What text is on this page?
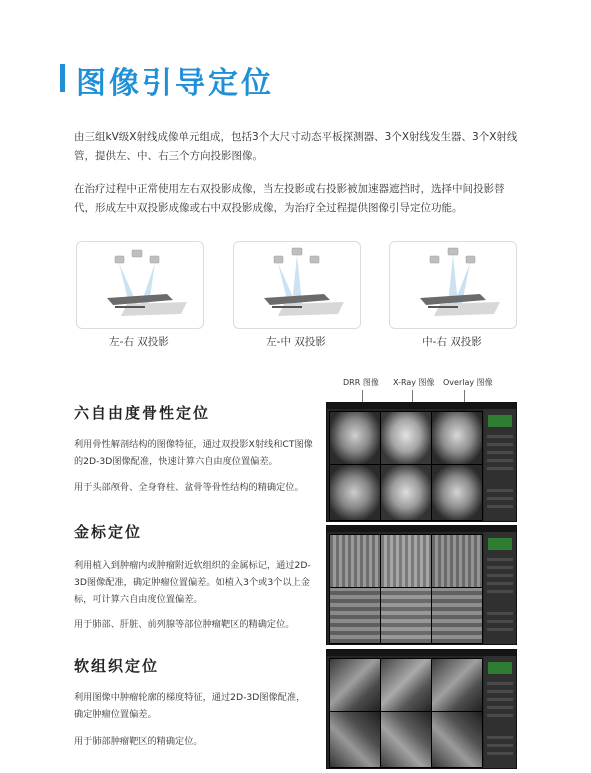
图像引导定位
由三组kV级X射线成像单元组成，包括3个大尺寸动态平板探测器、3个X射线发生器、3个X射线管，提供左、中、右三个方向投影图像。
在治疗过程中正常使用左右双投影成像，当左投影或右投影被加速器遮挡时，选择中间投影替代，形成左中双投影成像或右中双投影成像，为治疗全过程提供图像引导定位功能。
左-右 双投影	左-中 双投影	中-右 双投影
DRR 图像 X-Ray 图像 Overlay 图像
六自由度骨性定位
利用骨性解剖结构的图像特征，通过双投影X射线和CT图像的2D-3D图像配准，快速计算六自由度位置偏差。
用于头部颅骨、全身脊柱、盆骨等骨性结构的精确定位。
金标定位
利用植入到肿瘤内或肿瘤附近软组织的金属标记，通过2D-3D图像配准，确定肿瘤位置偏差。如植入3个或3个以上金标，可计算六自由度位置偏差。
用于肺部、肝脏、前列腺等部位肿瘤靶区的精确定位。
软组织定位
利用图像中肿瘤轮廓的梯度特征，通过2D-3D图像配准，确定肿瘤位置偏差。
用于肺部肿瘤靶区的精确定位。
